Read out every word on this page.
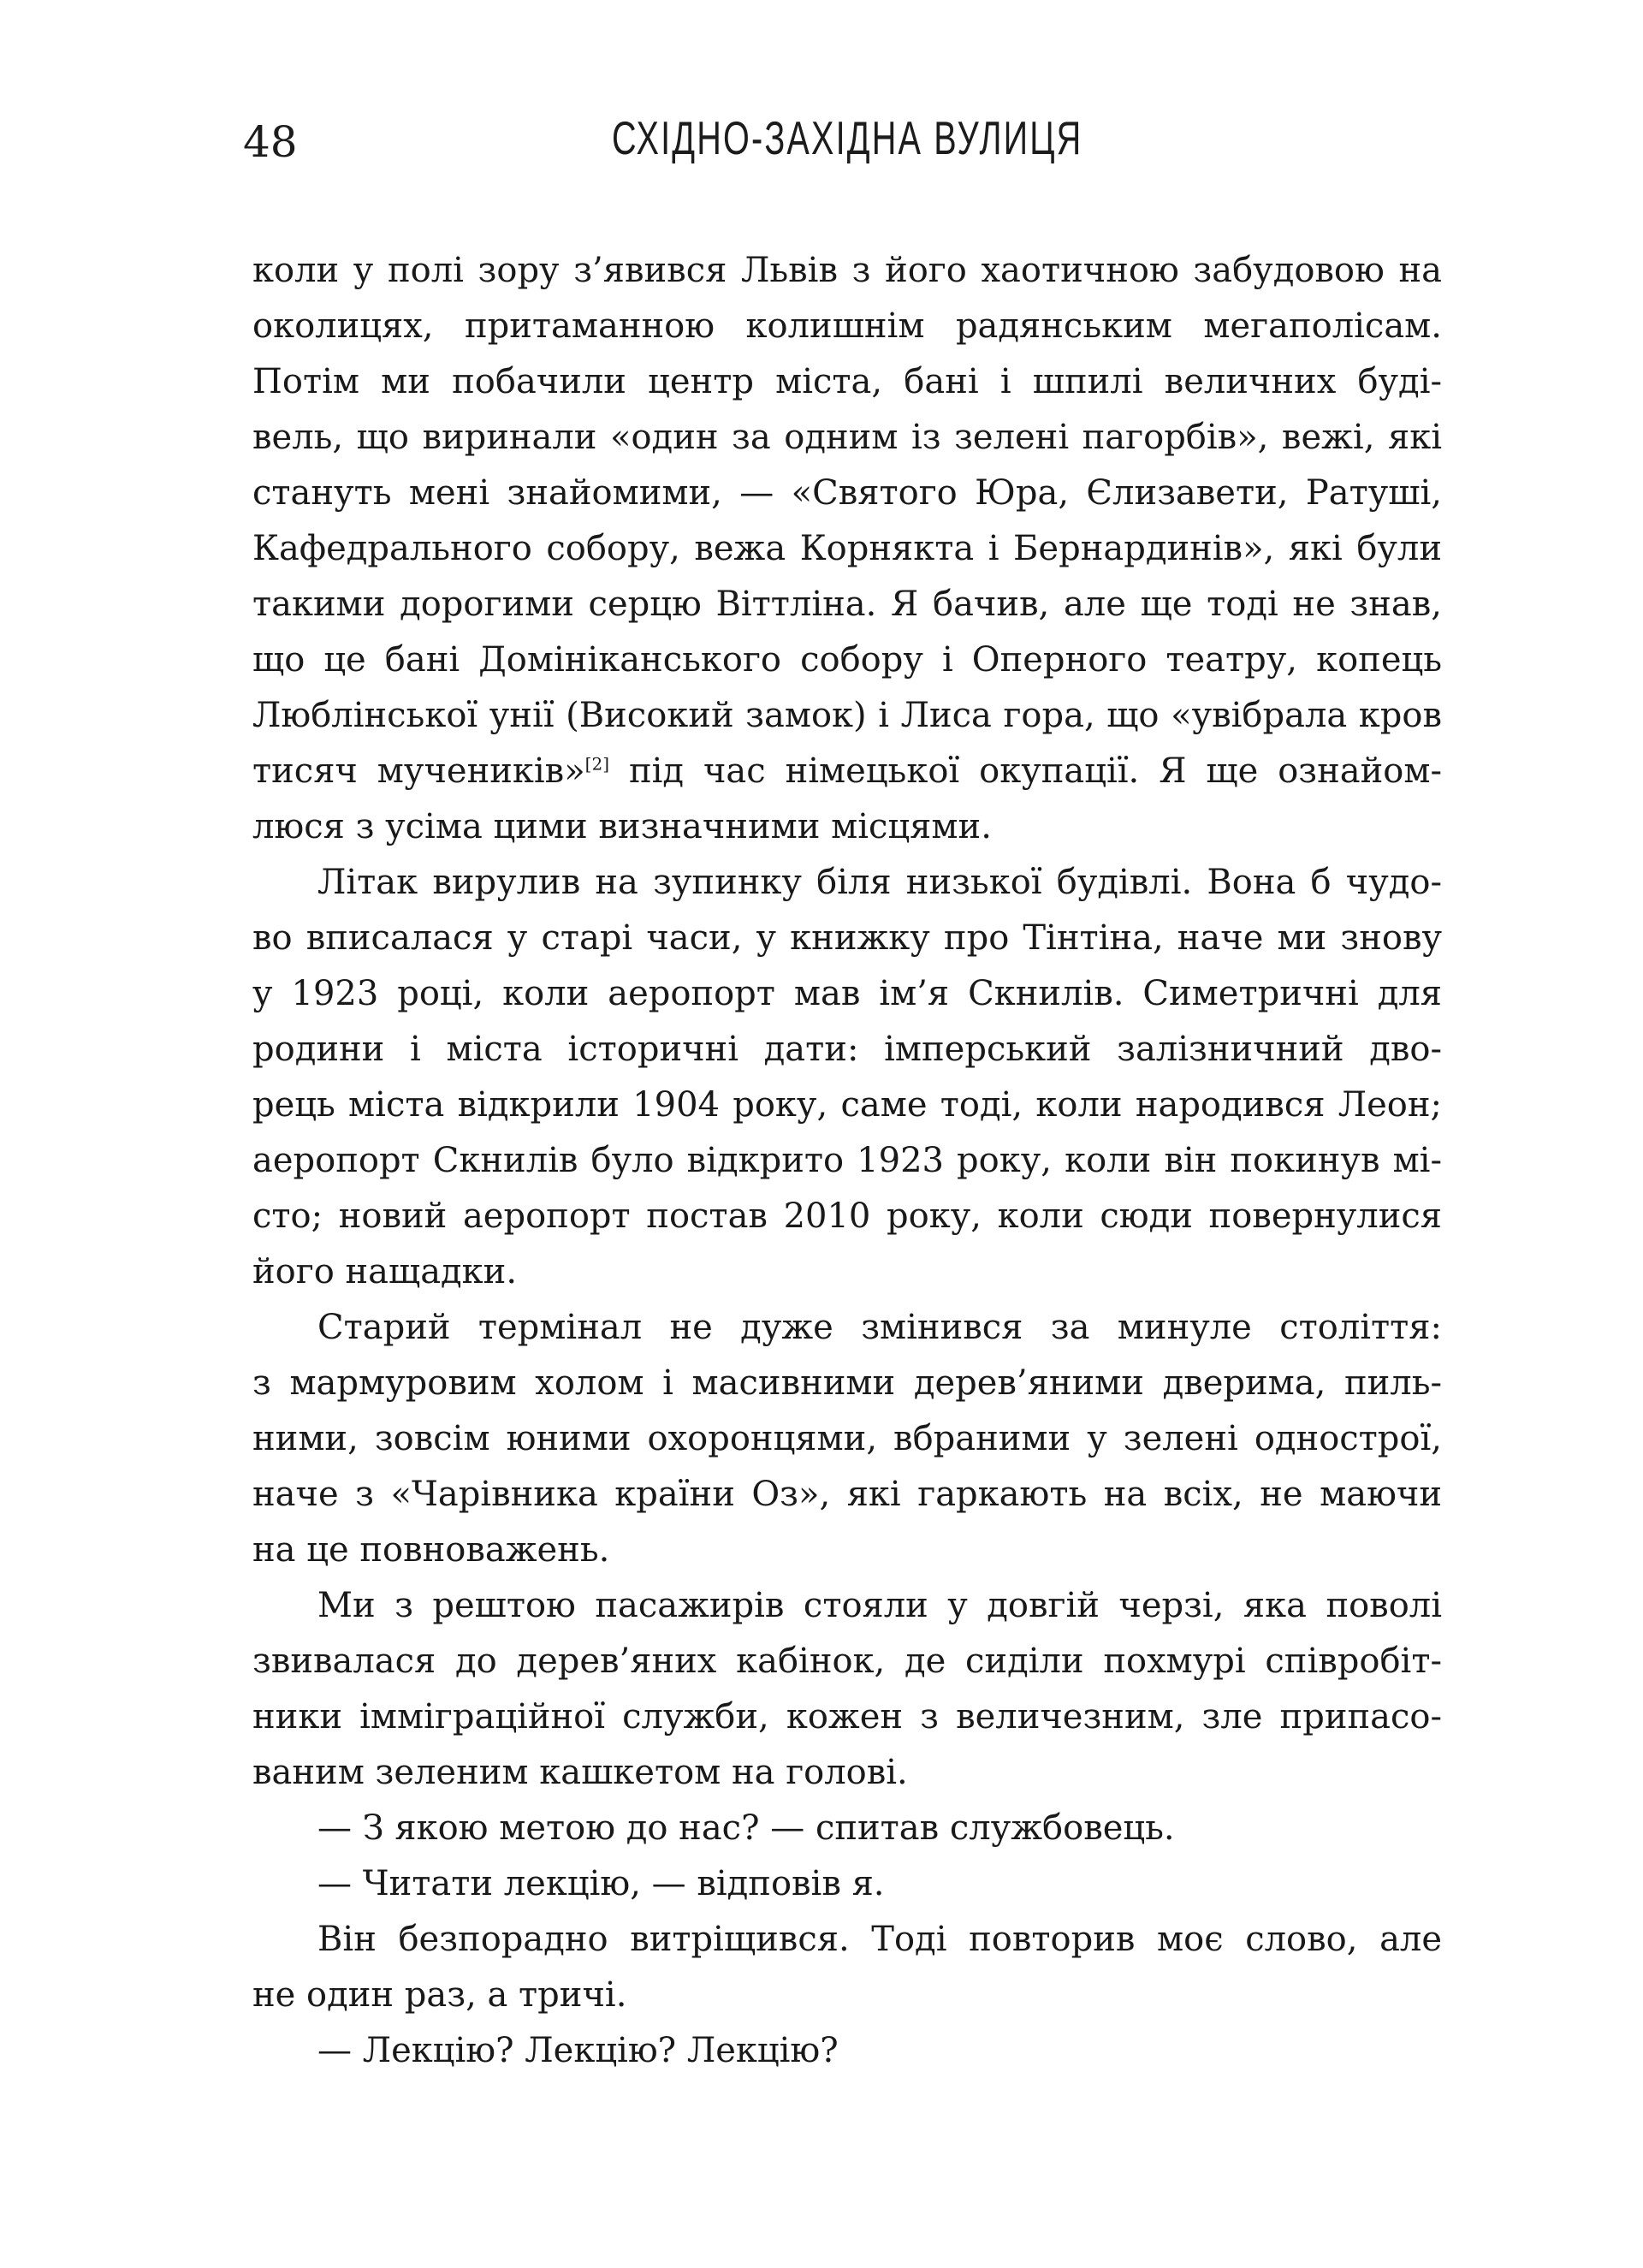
48	СХІДНО-ЗАХІДНА ВУЛИЦЯ
коли у полі зору з’явився Львів з його хаотичною забудовою на
околицях, притаманною колишнім радянським мегаполісам.
Потім ми побачили центр міста, бані і шпилі величних буді-
вель, що виринали «один за одним із зелені пагорбів», вежі, які
стануть мені знайомими, — «Святого Юра, Єлизавети, Ратуші,
Кафедрального собору, вежа Корнякта і Бернардинів», які були
такими дорогими серцю Віттліна. Я бачив, але ще тоді не знав,
що це бані Домініканського собору і Оперного театру, копець
Люблінської унії (Високий замок) і Лиса гора, що «увібрала кров
тисяч мучеників»[2] під час німецької окупації. Я ще ознайом-
люся з усіма цими визначними місцями.
Літак вирулив на зупинку біля низької будівлі. Вона б чудо-
во вписалася у старі часи, у книжку про Тінтіна, наче ми знову
у 1923 році, коли аеропорт мав ім’я Скнилів. Симетричні для
родини і міста історичні дати: імперський залізничний дво-
рець міста відкрили 1904 року, саме тоді, коли народився Леон;
аеропорт Скнилів було відкрито 1923 року, коли він покинув мі-
сто; новий аеропорт постав 2010 року, коли сюди повернулися
його нащадки.
Старий термінал не дуже змінився за минуле століття:
з мармуровим холом і масивними дерев’яними дверима, пиль-
ними, зовсім юними охоронцями, вбраними у зелені однострої,
наче з «Чарівника країни Оз», які гаркають на всіх, не маючи
на це повноважень.
Ми з рештою пасажирів стояли у довгій черзі, яка поволі
звивалася до дерев’яних кабінок, де сиділи похмурі співробіт-
ники імміграційної служби, кожен з величезним, зле припасо-
ваним зеленим кашкетом на голові.
— З якою метою до нас? — спитав службовець.
— Читати лекцію, — відповів я.
Він безпорадно витріщився. Тоді повторив моє слово, але
не один раз, а тричі.
— Лекцію? Лекцію? Лекцію?
